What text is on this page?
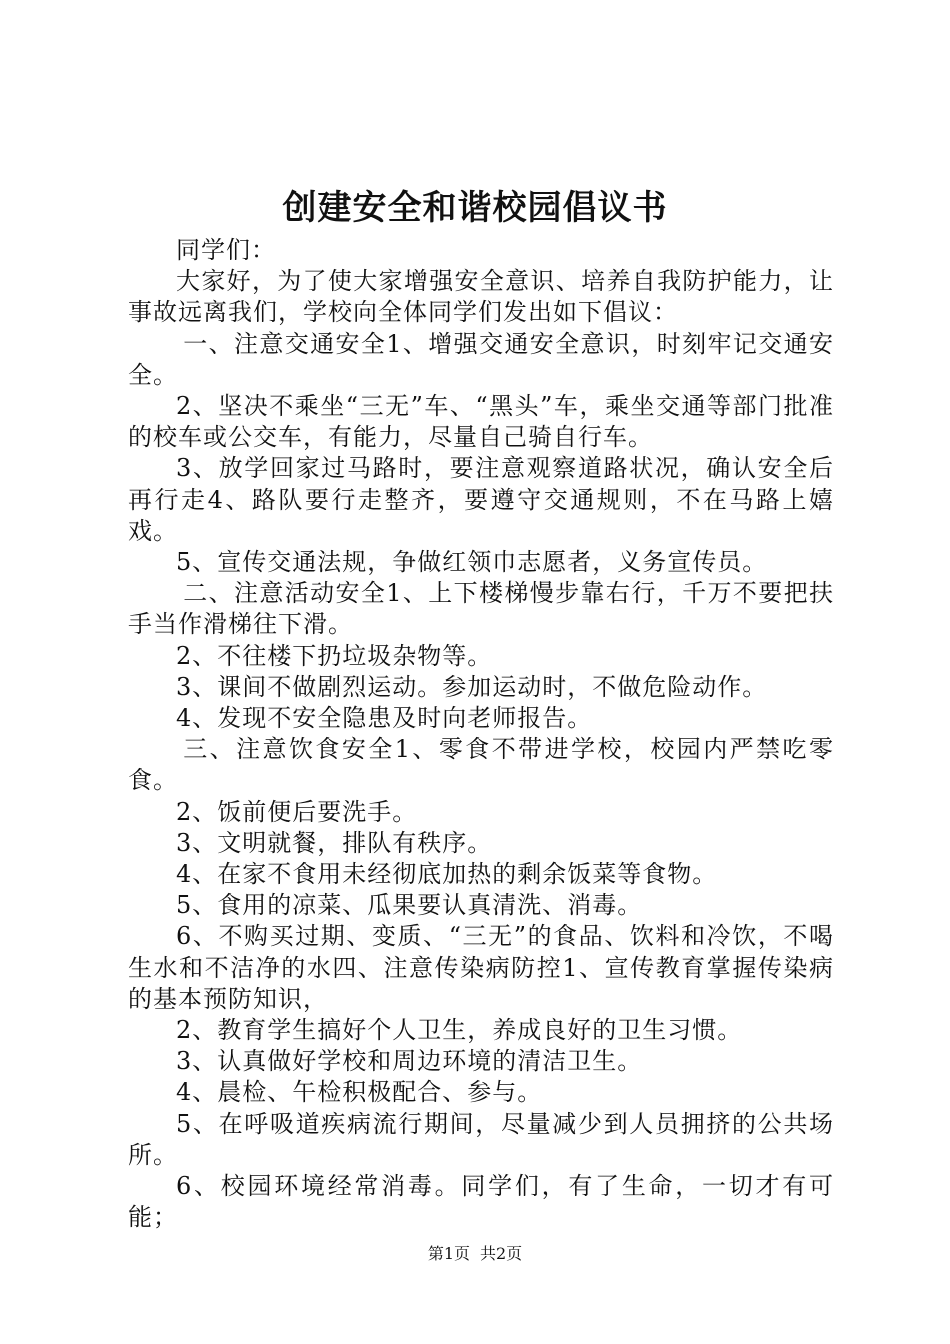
创建安全和谐校园倡议书

同学们：

大家好，为了使大家增强安全意识、培养自我防护能力，让事故远离我们，学校向全体同学们发出如下倡议：

一、注意交通安全1、增强交通安全意识，时刻牢记交通安全。

2、坚决不乘坐“三无”车、“黑头”车，乘坐交通等部门批准的校车或公交车，有能力，尽量自己骑自行车。

3、放学回家过马路时，要注意观察道路状况，确认安全后再行走4、路队要行走整齐，要遵守交通规则，不在马路上嬉戏。

5、宣传交通法规，争做红领巾志愿者，义务宣传员。

二、注意活动安全1、上下楼梯慢步靠右行，千万不要把扶手当作滑梯往下滑。

2、不往楼下扔垃圾杂物等。

3、课间不做剧烈运动。参加运动时，不做危险动作。

4、发现不安全隐患及时向老师报告。

三、注意饮食安全1、零食不带进学校，校园内严禁吃零食。

2、饭前便后要洗手。

3、文明就餐，排队有秩序。

4、在家不食用未经彻底加热的剩余饭菜等食物。

5、食用的凉菜、瓜果要认真清洗、消毒。

6、不购买过期、变质、“三无”的食品、饮料和冷饮，不喝生水和不洁净的水四、注意传染病防控1、宣传教育掌握传染病的基本预防知识，

2、教育学生搞好个人卫生，养成良好的卫生习惯。

3、认真做好学校和周边环境的清洁卫生。

4、晨检、午检积极配合、参与。

5、在呼吸道疾病流行期间，尽量减少到人员拥挤的公共场所。

6、校园环境经常消毒。同学们，有了生命，一切才有可能；

第1页 共2页
